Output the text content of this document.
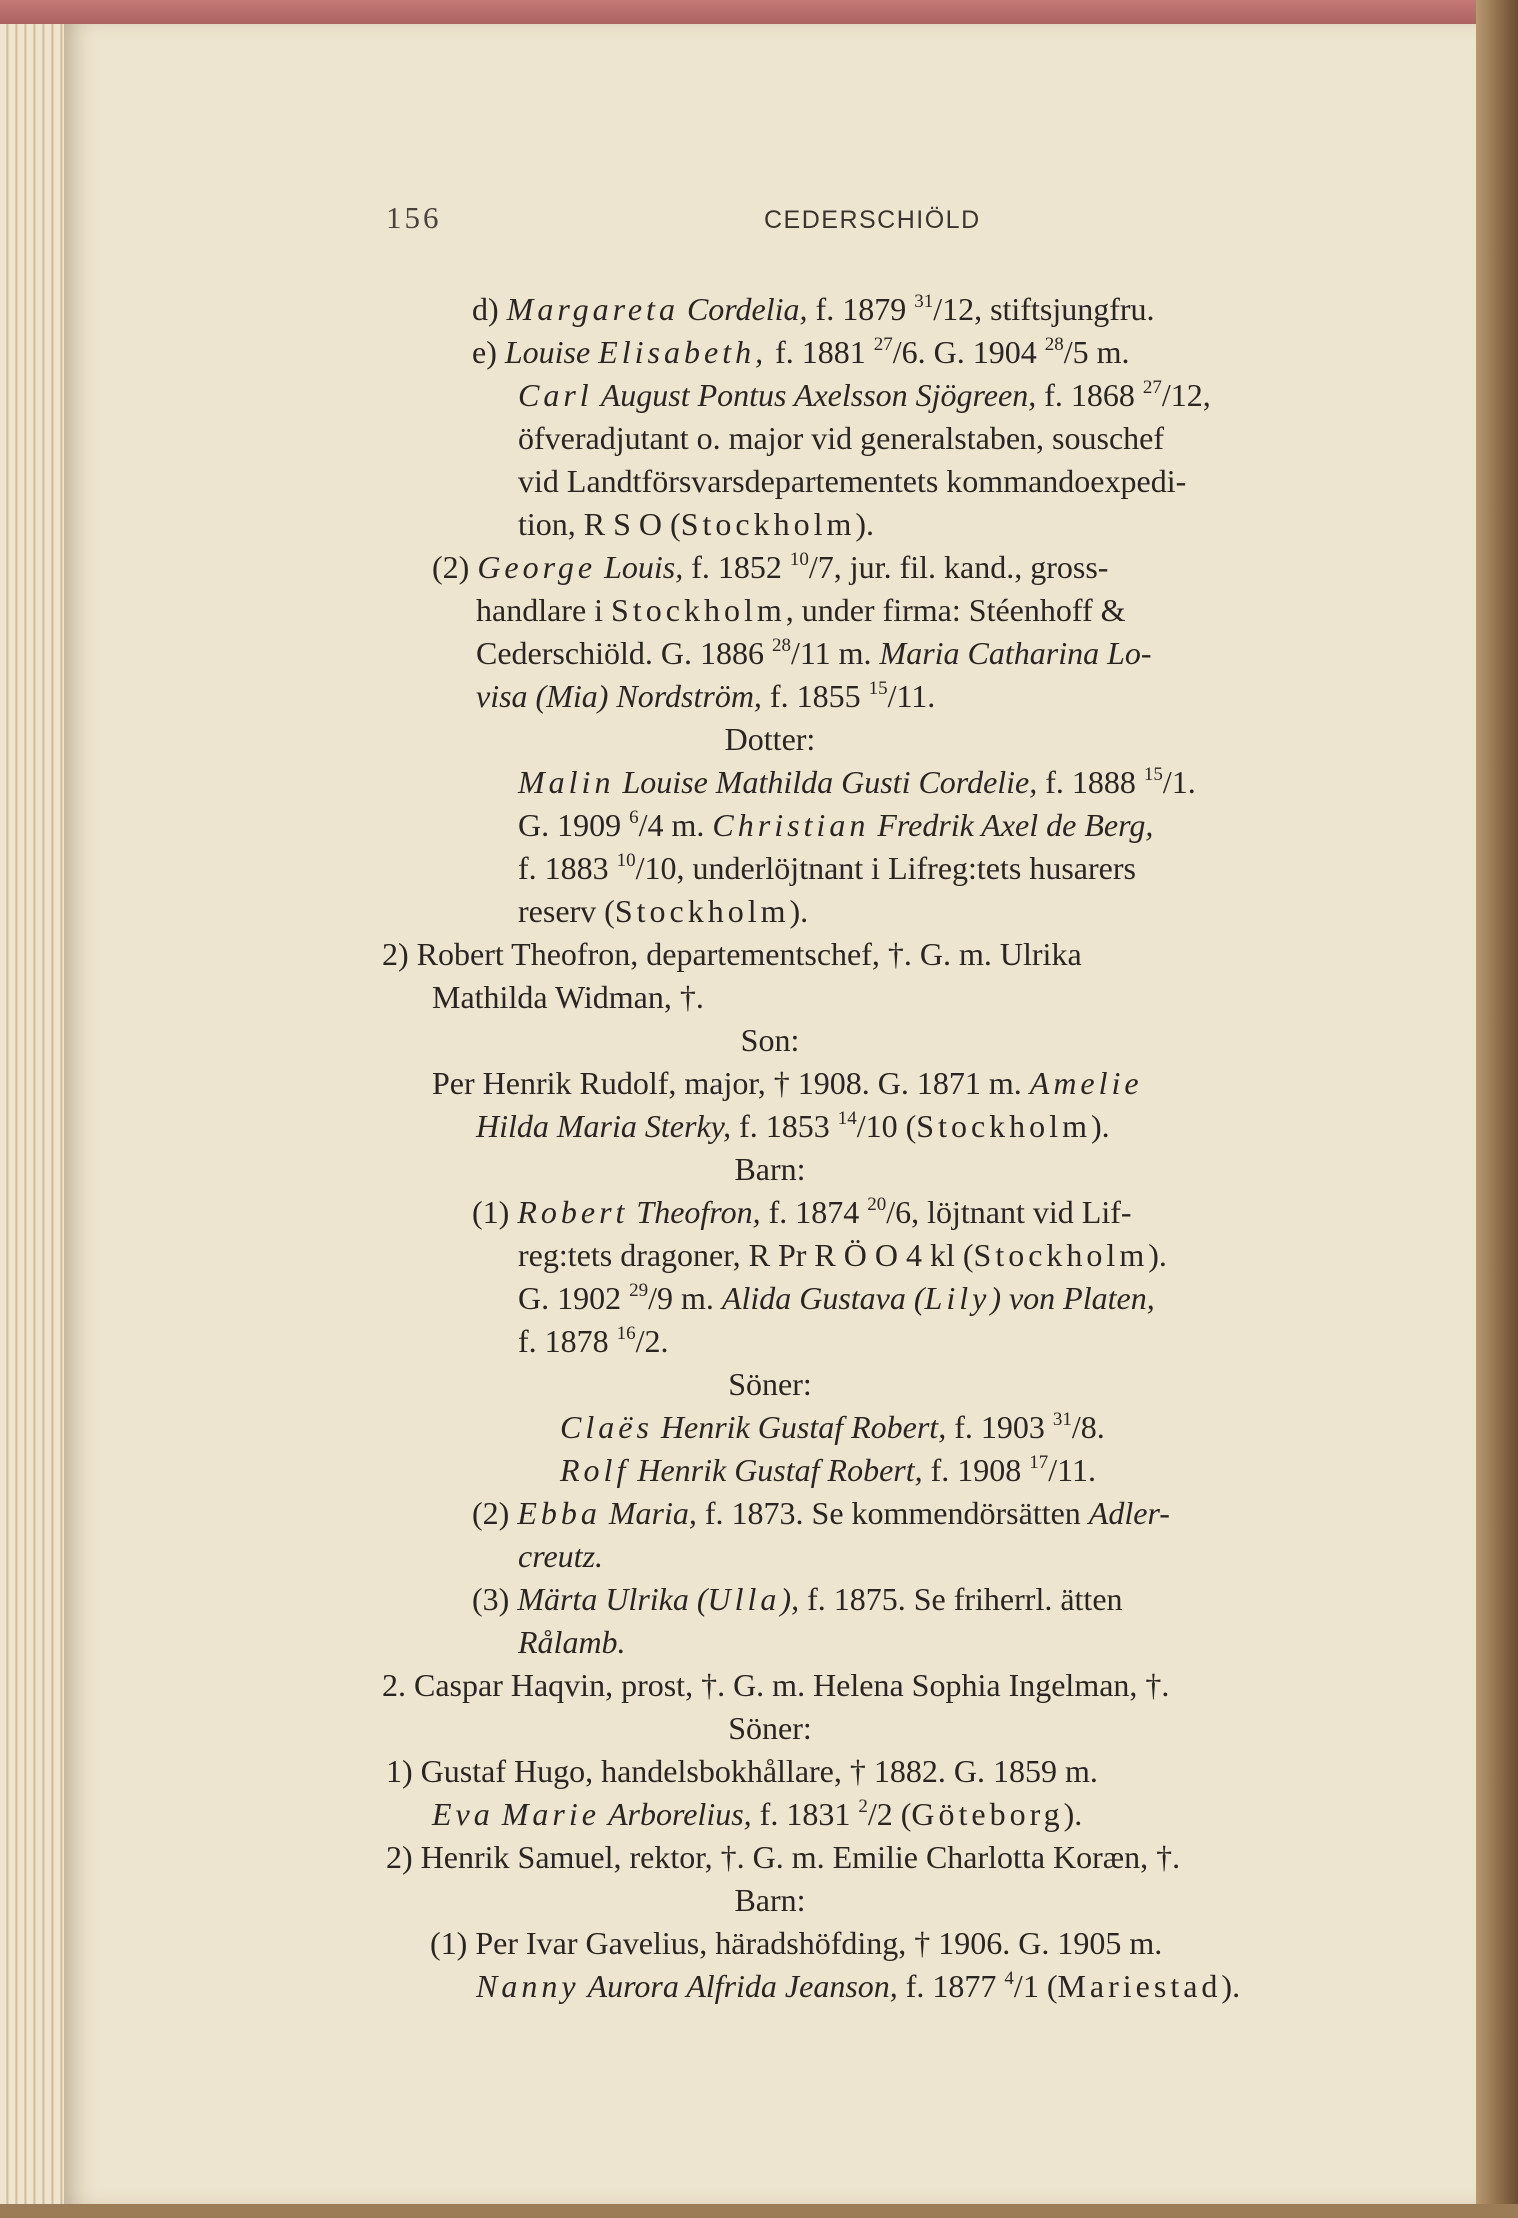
156	CEDERSCHIÖLD
d) Margareta Cordelia, f. 1879 $^{31}$/12, stiftsjungfru.
e) Louise Elisabeth, f. 1881 $^{27}$/6. G. 1904 $^{28}$/5 m.
Carl August Pontus Axelsson Sjögreen, f. 1868 $^{27}$/12,
öfveradjutant o. major vid generalstaben, souschef
vid Landtförsvarsdepartementets kommandoexpedi-
tion, R S O (Stockholm).
(2) George Louis, f. 1852 $^{10}$/7, jur. fil. kand., gross-
handlare i Stockholm, under firma: Stéenhoff &
Cederschiöld. G. 1886 $^{28}$/11 m. Maria Catharina Lo-
visa (Mia) Nordström, f. 1855 $^{15}$/11.
Dotter:
Malin Louise Mathilda Gusti Cordelie, f. 1888 $^{15}$/1.
G. 1909 $^6$/4 m. Christian Fredrik Axel de Berg,
f. 1883 $^{10}$/10, underlöjtnant i Lifreg:tets husarers
reserv (Stockholm).
2) Robert Theofron, departementschef, †. G. m. Ulrika
Mathilda Widman, †.
Son:
Per Henrik Rudolf, major, † 1908. G. 1871 m. Amelie
Hilda Maria Sterky, f. 1853 $^{14}$/10 (Stockholm).
Barn:
(1) Robert Theofron, f. 1874 $^{20}$/6, löjtnant vid Lif-
reg:tets dragoner, R Pr R Ö O 4 kl (Stockholm).
G. 1902 $^{29}$/9 m. Alida Gustava (Lily) von Platen,
f. 1878 $^{16}$/2.
Söner:
Claës Henrik Gustaf Robert, f. 1903 $^{31}$/8.
Rolf Henrik Gustaf Robert, f. 1908 $^{17}$/11.
(2) Ebba Maria, f. 1873. Se kommendörsätten Adler-
creutz.
(3) Märta Ulrika (Ulla), f. 1875. Se friherrl. ätten
Rålamb.
2. Caspar Haqvin, prost, †. G. m. Helena Sophia Ingelman, †.
Söner:
1) Gustaf Hugo, handelsbokhållare, † 1882. G. 1859 m.
Eva Marie Arborelius, f. 1831 $^2$/2 (Göteborg).
2) Henrik Samuel, rektor, †. G. m. Emilie Charlotta Koræn, †.
Barn:
(1) Per Ivar Gavelius, häradshöfding, † 1906. G. 1905 m.
Nanny Aurora Alfrida Jeanson, f. 1877 $^4$/1 (Mariestad).
